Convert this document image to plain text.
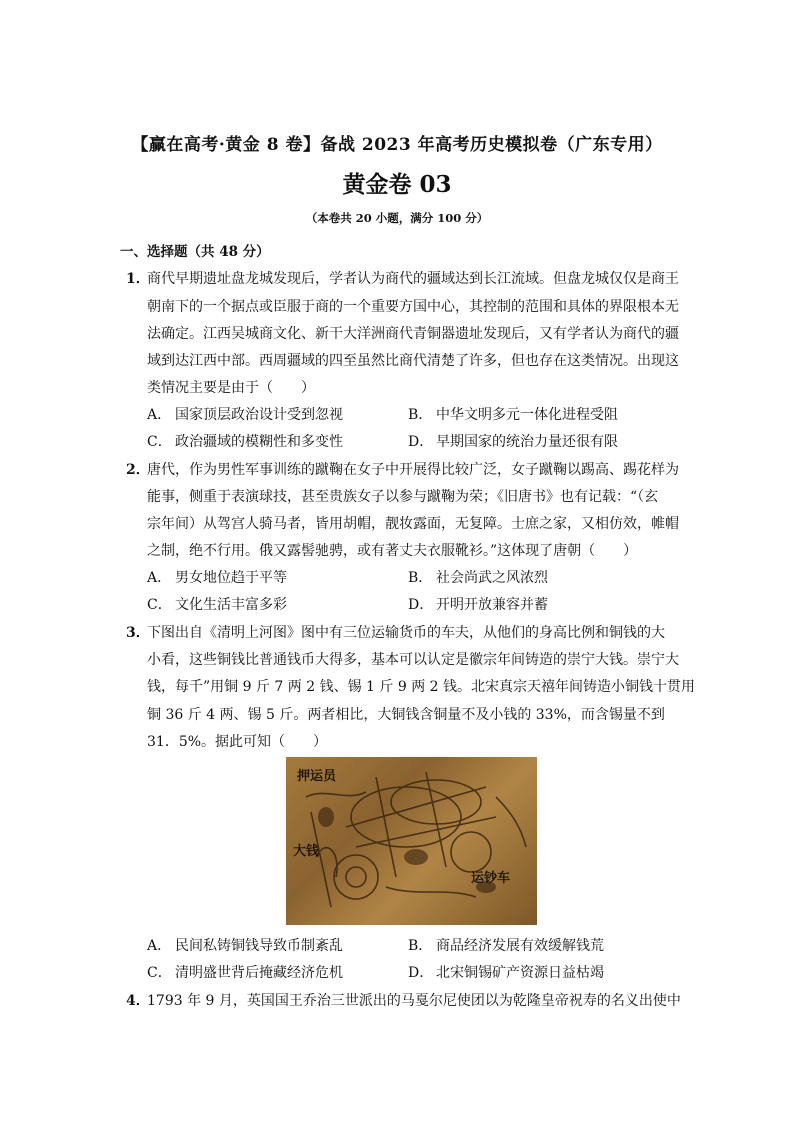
【赢在高考·黄金 8 卷】备战 2023 年高考历史模拟卷（广东专用）
黄金卷 03
（本卷共 20 小题，满分 100 分）
一、选择题（共 48 分）
1．
商代早期遗址盘龙城发现后，学者认为商代的疆域达到长江流域。但盘龙城仅仅是商王
朝南下的一个据点或臣服于商的一个重要方国中心，其控制的范围和具体的界限根本无
法确定。江西吴城商文化、新干大洋洲商代青铜器遗址发现后，又有学者认为商代的疆
域到达江西中部。西周疆域的四至虽然比商代清楚了许多，但也存在这类情况。出现这
类情况主要是由于（　　）
A． 国家顶层政治设计受到忽视	B． 中华文明多元一体化进程受阻
C． 政治疆域的模糊性和多变性	D． 早期国家的统治力量还很有限
2．
唐代，作为男性军事训练的蹴鞠在女子中开展得比较广泛，女子蹴鞠以踢高、踢花样为
能事，侧重于表演球技，甚至贵族女子以参与蹴鞠为荣；《旧唐书》也有记载：“（玄
宗年间）从驾宫人骑马者，皆用胡帽，靓妆露面，无复障。士庶之家，又相仿效，帷帽
之制，绝不行用。俄又露髻驰骋，或有著丈夫衣服靴衫。”这体现了唐朝（　　）
A． 男女地位趋于平等	B． 社会尚武之风浓烈
C． 文化生活丰富多彩	D． 开明开放兼容并蓄
3．
下图出自《清明上河图》图中有三位运输货币的车夫，从他们的身高比例和铜钱的大
小看，这些铜钱比普通钱币大得多，基本可以认定是徽宗年间铸造的崇宁大钱。崇宁大
钱，每千”用铜 9 斤 7 两 2 钱、锡 1 斤 9 两 2 钱。北宋真宗天禧年间铸造小铜钱十贯用
铜 36 斤 4 两、锡 5 斤。两者相比，大铜钱含铜量不及小钱的 33%，而含锡量不到
31．5%。据此可知（　　）
押运员
大钱
运钞车
A． 民间私铸铜钱导致币制紊乱	B． 商品经济发展有效缓解钱荒
C． 清明盛世背后掩藏经济危机	D． 北宋铜锡矿产资源日益枯竭
4．
1793 年 9 月，英国国王乔治三世派出的马戛尔尼使团以为乾隆皇帝祝寿的名义出使中
